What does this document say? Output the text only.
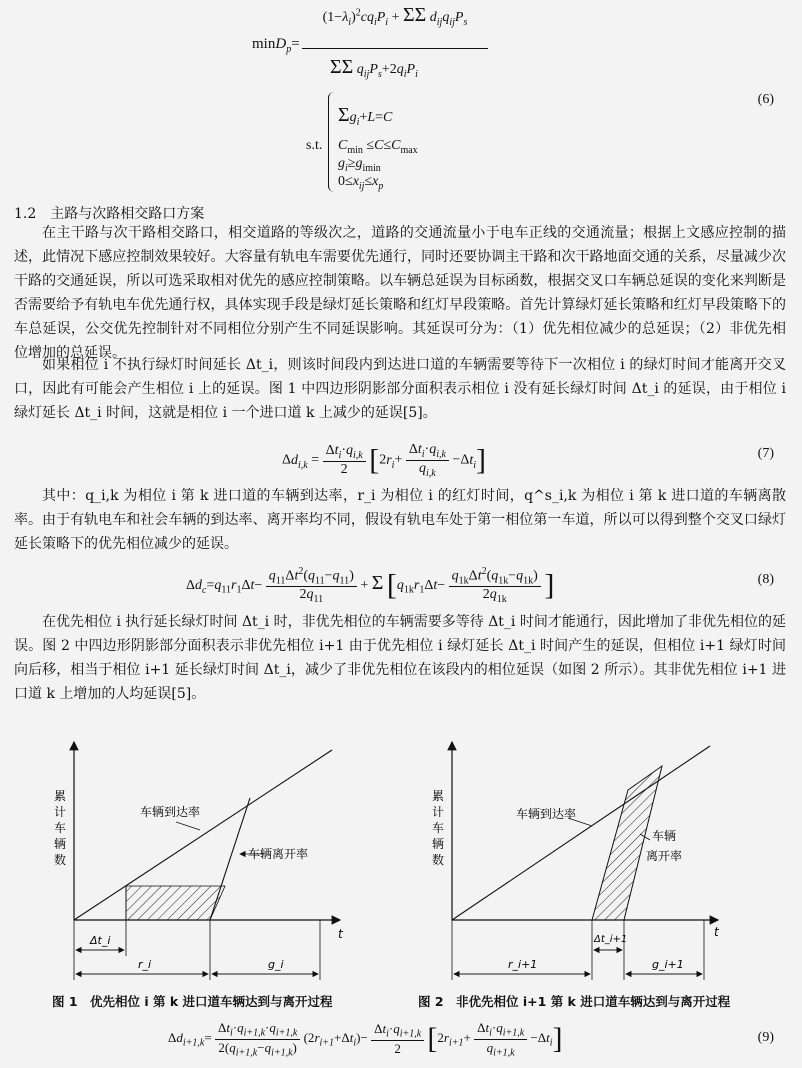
minD$_p$=
$(1-\lambda_i)^2cq_iP_i + \Sigma\Sigma$ $d_{ij}q_{ij}P_s$
ΣΣ $q_{ij}P_s+2q_iP_i$
s.t.
$\Sigma g_i+L=C$
$C_{min} \le C\le C_{max}$
$g_i\ge g_{imin}$
$0\le x_{ij}\le x_p$
(6)
1.2　主路与次路相交路口方案
在主干路与次干路相交路口，相交道路的等级次之，道路的交通流量小于电车正线的交通流量；根据上文感应控制的描述，此情况下感应控制效果较好。大容量有轨电车需要优先通行，同时还要协调主干路和次干路地面交通的关系，尽量减少次干路的交通延误，所以可选采取相对优先的感应控制策略。以车辆总延误为目标函数，根据交叉口车辆总延误的变化来判断是否需要给予有轨电车优先通行权，具体实现手段是绿灯延长策略和红灯早段策略。首先计算绿灯延长策略和红灯早段策略下的车总延误，公交优先控制针对不同相位分别产生不同延误影响。其延误可分为：（1）优先相位减少的总延误；（2）非优先相位增加的总延误。
如果相位 i 不执行绿灯时间延长 Δt_i，则该时间段内到达进口道的车辆需要等待下一次相位 i 的绿灯时间才能离开交叉口，因此有可能会产生相位 i 上的延误。图 1 中四边形阴影部分面积表示相位 i 没有延长绿灯时间 Δt_i 的延误，由于相位 i 绿灯延长 Δt_i 时间，这就是相位 i 一个进口道 k 上减少的延误[5]。
$\Delta d_{i,k} = \frac{\Delta t_i\cdot q_{i,k}}{2} [2r_i+ \frac{\Delta t_i\cdot q_{i,k}}{q_{i,k}} -\Delta t_i]$	(7)
其中：q_i,k 为相位 i 第 k 进口道的车辆到达率，r_i 为相位 i 的红灯时间，q^s_i,k 为相位 i 第 k 进口道的车辆离散率。 由于有轨电车和社会车辆的到达率、离开率均不同，假设有轨电车处于第一相位第一车道，所以可以得到整个交叉口绿灯延长策略下的优先相位减少的延误。
$\Delta d_c=q_{11}r_1\Delta t- \frac{q_{11}\Delta t^2(q_{11}-q_{11})}{2q_{11}} + \Sigma$ [$q_{1k}r_1\Delta t- \frac{q_{1k}\Delta t^2(q_{1k}-q_{1k})}{2q_{1k}}$ ]	(8)
在优先相位 i 执行延长绿灯时间 Δt_i 时，非优先相位的车辆需要多等待 Δt_i 时间才能通行，因此增加了非优先相位的延误。图 2 中四边形阴影部分面积表示非优先相位 i+1 由于优先相位 i 绿灯延长 Δt_i 时间产生的延误，但相位 i+1 绿灯时间向后移，相当于相位 i+1 延长绿灯时间 Δt_i，减少了非优先相位在该段内的相位延误（如图 2 所示）。其非优先相位 i+1 进口道 k 上增加的人均延误[5]。
累
计
车
辆
数
车辆到达率
车辆离开率
t
Δt_i
r_i	g_i
图 1　优先相位 i 第 k 进口道车辆达到与离开过程
累
计
车
辆
数
车辆到达率
车辆
离开率
t
Δt_i+1
r_i+1	g_i+1
图 2　非优先相位 i+1 第 k 进口道车辆达到与离开过程
$\Delta d_{i+1,k}= \frac{\Delta t_i\cdot q_{i+1,k}\cdot q_{i+1,k}}{2(q_{i+1,k}-q_{i+1,k})} (2r_{i+1}+\Delta t_i)- \frac{\Delta t_i\cdot q_{i+1,k}}{2} [2r_{i+1}+ \frac{\Delta t_i\cdot q_{i+1,k}}{q_{i+1,k}} -\Delta t_i]$	(9)
